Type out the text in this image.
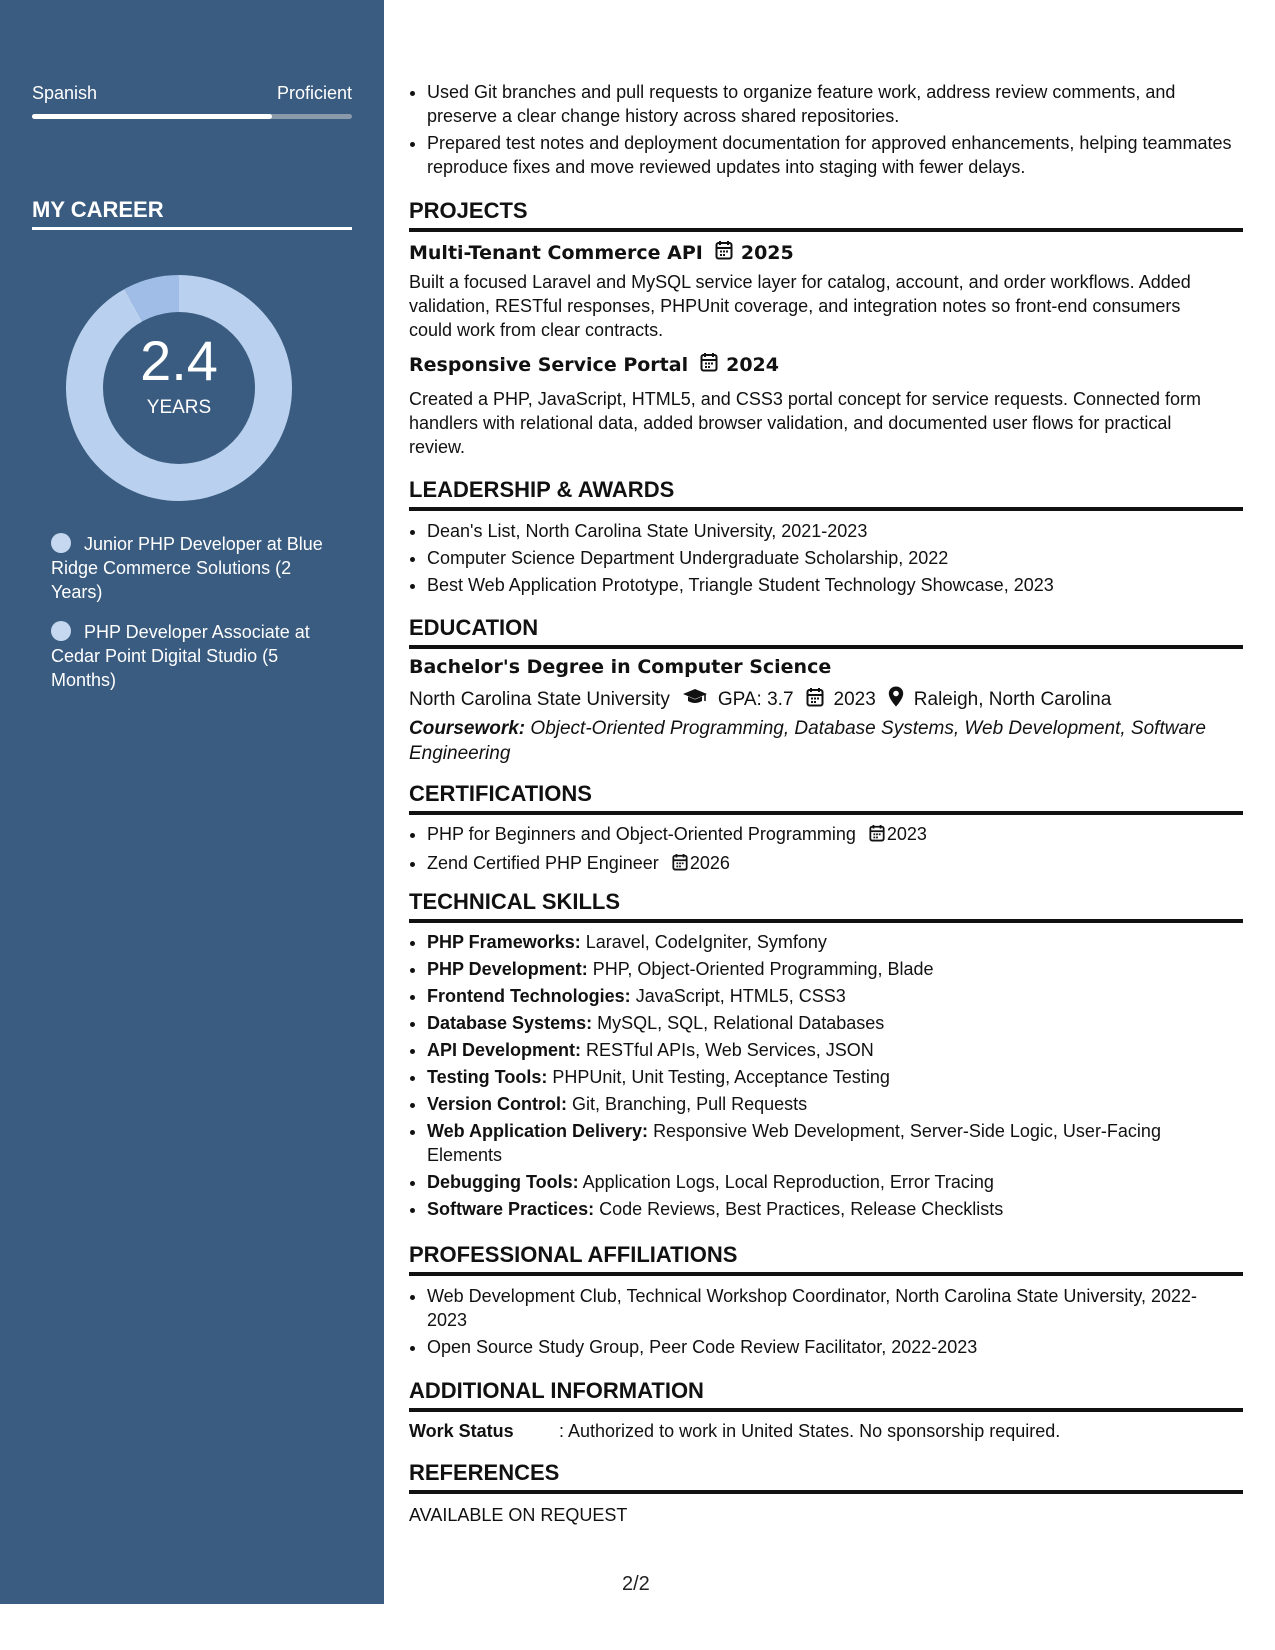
Spanish	Proficient
MY CAREER
2.4
YEARS
Junior PHP Developer at Blue Ridge Commerce Solutions (2 Years)
PHP Developer Associate at Cedar Point Digital Studio (5 Months)
• Used Git branches and pull requests to organize feature work, address review comments, and preserve a clear change history across shared repositories.
• Prepared test notes and deployment documentation for approved enhancements, helping teammates reproduce fixes and move reviewed updates into staging with fewer delays.
PROJECTS
Multi-Tenant Commerce API 2025
Built a focused Laravel and MySQL service layer for catalog, account, and order workflows. Added validation, RESTful responses, PHPUnit coverage, and integration notes so front-end consumers could work from clear contracts.
Responsive Service Portal 2024
Created a PHP, JavaScript, HTML5, and CSS3 portal concept for service requests. Connected form handlers with relational data, added browser validation, and documented user flows for practical review.
LEADERSHIP & AWARDS
• Dean's List, North Carolina State University, 2021-2023
• Computer Science Department Undergraduate Scholarship, 2022
• Best Web Application Prototype, Triangle Student Technology Showcase, 2023
EDUCATION
Bachelor's Degree in Computer Science
North Carolina State University	GPA: 3.7 2023 Raleigh, North Carolina
Coursework: Object-Oriented Programming, Database Systems, Web Development, Software Engineering
CERTIFICATIONS
• PHP for Beginners and Object-Oriented Programming 2023
• Zend Certified PHP Engineer 2026
TECHNICAL SKILLS
• PHP Frameworks: Laravel, CodeIgniter, Symfony
• PHP Development: PHP, Object-Oriented Programming, Blade
• Frontend Technologies: JavaScript, HTML5, CSS3
• Database Systems: MySQL, SQL, Relational Databases
• API Development: RESTful APIs, Web Services, JSON
• Testing Tools: PHPUnit, Unit Testing, Acceptance Testing
• Version Control: Git, Branching, Pull Requests
• Web Application Delivery: Responsive Web Development, Server-Side Logic, User-Facing Elements
• Debugging Tools: Application Logs, Local Reproduction, Error Tracing
• Software Practices: Code Reviews, Best Practices, Release Checklists
PROFESSIONAL AFFILIATIONS
• Web Development Club, Technical Workshop Coordinator, North Carolina State University, 2022-2023
• Open Source Study Group, Peer Code Review Facilitator, 2022-2023
ADDITIONAL INFORMATION
Work Status	: Authorized to work in United States. No sponsorship required.
REFERENCES
AVAILABLE ON REQUEST
2/2
